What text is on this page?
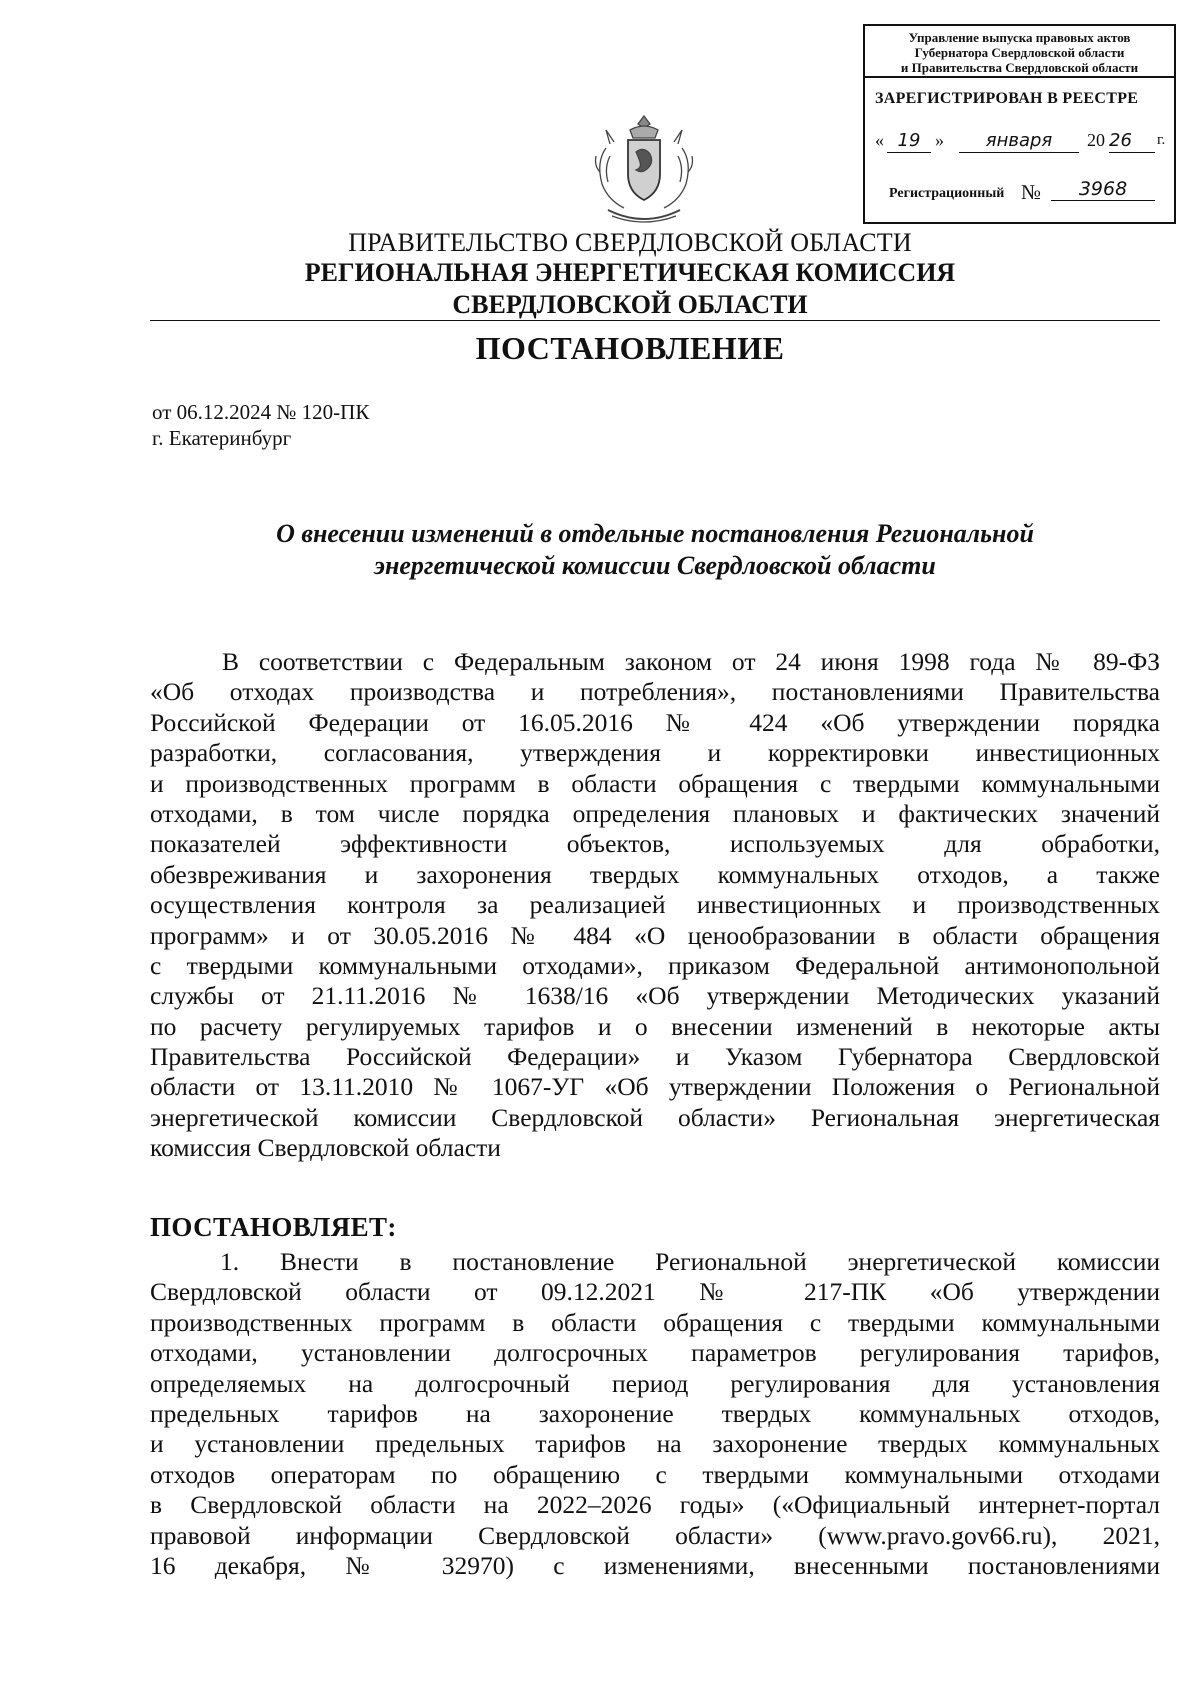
Управление выпуска правовых актов
Губернатора Свердловской области
и Правительства Свердловской области
ЗАРЕГИСТРИРОВАН В РЕЕСТРЕ
« 19 »	января	20 26	г.
Регистрационный №	3968
ПРАВИТЕЛЬСТВО СВЕРДЛОВСКОЙ ОБЛАСТИ
РЕГИОНАЛЬНАЯ ЭНЕРГЕТИЧЕСКАЯ КОМИССИЯ
СВЕРДЛОВСКОЙ ОБЛАСТИ
ПОСТАНОВЛЕНИЕ
от 06.12.2024 № 120-ПК
г. Екатеринбург
О внесении изменений в отдельные постановления Региональной
энергетической комиссии Свердловской области
В соответствии с Федеральным законом от 24 июня 1998 года № 89-ФЗ
«Об отходах производства и потребления», постановлениями Правительства
Российской Федерации от 16.05.2016 № 424 «Об утверждении порядка
разработки, согласования, утверждения и корректировки инвестиционных
и производственных программ в области обращения с твердыми коммунальными
отходами, в том числе порядка определения плановых и фактических значений
показателей эффективности объектов, используемых для обработки,
обезвреживания и захоронения твердых коммунальных отходов, а также
осуществления контроля за реализацией инвестиционных и производственных
программ» и от 30.05.2016 № 484 «О ценообразовании в области обращения
с твердыми коммунальными отходами», приказом Федеральной антимонопольной
службы от 21.11.2016 № 1638/16 «Об утверждении Методических указаний
по расчету регулируемых тарифов и о внесении изменений в некоторые акты
Правительства Российской Федерации» и Указом Губернатора Свердловской
области от 13.11.2010 № 1067-УГ «Об утверждении Положения о Региональной
энергетической комиссии Свердловской области» Региональная энергетическая
комиссия Свердловской области
ПОСТАНОВЛЯЕТ:
1. Внести в постановление Региональной энергетической комиссии
Свердловской области от 09.12.2021 № 217-ПК «Об утверждении
производственных программ в области обращения с твердыми коммунальными
отходами, установлении долгосрочных параметров регулирования тарифов,
определяемых на долгосрочный период регулирования для установления
предельных тарифов на захоронение твердых коммунальных отходов,
и установлении предельных тарифов на захоронение твердых коммунальных
отходов операторам по обращению с твердыми коммунальными отходами
в Свердловской области на 2022–2026 годы» («Официальный интернет-портал
правовой информации Свердловской области» (www.pravo.gov66.ru), 2021,
16 декабря, № 32970) с изменениями, внесенными постановлениями
